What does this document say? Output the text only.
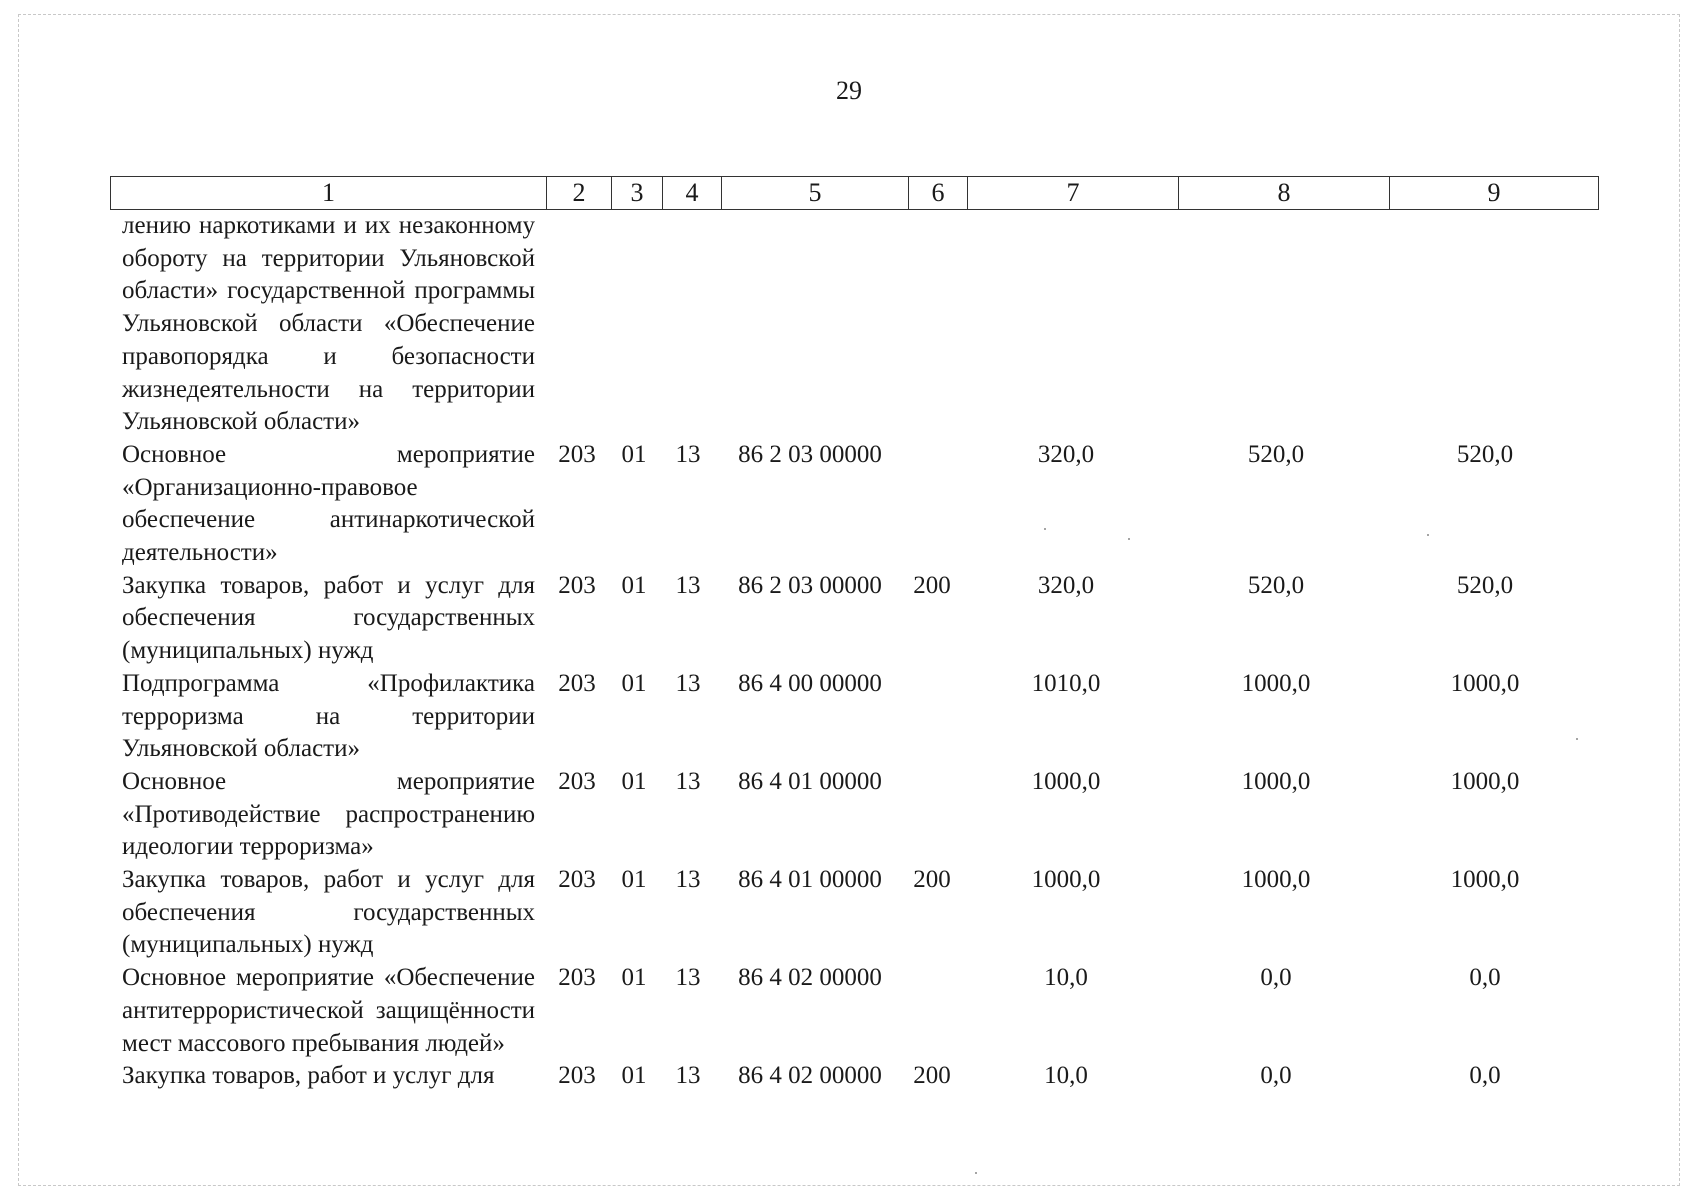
29
1	2	3	4	5	6	7	8	9
лению наркотиками и их незаконному обороту на территории Ульяновской области» государственной программы Ульяновской области «Обеспечение правопорядка и безопасности жизнедеятельности на территории Ульяновской области»								
Основное мероприятие «Организационно-правовое обеспечение антинаркотической деятельности»	203	01	13	86 2 03 00000		320,0	520,0	520,0
Закупка товаров, работ и услуг для обеспечения государственных (муниципальных) нужд	203	01	13	86 2 03 00000	200	320,0	520,0	520,0
Подпрограмма «Профилактика терроризма на территории Ульяновской области»	203	01	13	86 4 00 00000		1010,0	1000,0	1000,0
Основное мероприятие «Противодействие распространению идеологии терроризма»	203	01	13	86 4 01 00000		1000,0	1000,0	1000,0
Закупка товаров, работ и услуг для обеспечения государственных (муниципальных) нужд	203	01	13	86 4 01 00000	200	1000,0	1000,0	1000,0
Основное мероприятие «Обеспечение антитеррористической защищённости мест массового пребывания людей»	203	01	13	86 4 02 00000		10,0	0,0	0,0
Закупка товаров, работ и услуг для	203	01	13	86 4 02 00000	200	10,0	0,0	0,0
